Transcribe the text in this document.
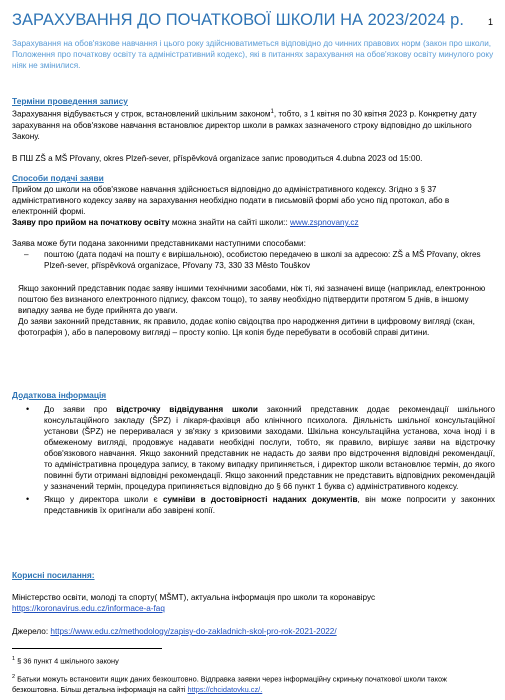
ЗАРАХУВАННЯ ДО ПОЧАТКОВОЇ ШКОЛИ НА 2023/2024 р.	1
Зарахування на обов'язкове навчання і цього року здійснюватиметься відповідно до чинних правових норм (закон про школи, Положення про початкову освіту та адміністративний кодекс), які в питаннях зарахування на обов'язкову освіту минулого року ніяк не змінилися.
Терміни проведення запису
Зарахування відбувається у строк, встановлений шкільним законом$^1$, тобто, з 1 квітня по 30 квітня 2023 р. Конкретну дату зарахування на обов'язкове навчання встановлює директор школи в рамках зазначеного строку відповідно до шкільного Закону.
В ПШ ZŠ a MŠ Přovany, okres Plzeň-sever, příspěvková organizace запис проводиться 4.dubna 2023 od 15:00.
Способи подачі заяви
Прийом до школи на обов'язкове навчання здійснюється відповідно до адміністративного кодексу. Згідно з § 37 адміністративного кодексу заяву на зарахування необхідно подати в письмовій формі або усно під протокол, або в електронній формі.
Заяву про прийом на початкову освіту можна знайти на сайті школи:: www.zspnovany.cz
Заява може бути подана законними представниками наступними способами:
– поштою (дата подачі на пошту є вирішальною), особистою передачею в школі за адресою: ZŠ a MŠ Přovany, okres Plzeň-sever, příspěvková organizace, Přovany 73, 330 33 Město Touškov
Якщо законний представник подає заяву іншими технічними засобами, ніж ті, які зазначені вище (наприклад, електронною поштою без визнаного електронного підпису, факсом тощо), то заяву необхідно підтвердити протягом 5 днів, в іншому випадку заява не буде прийнята до уваги.
До заяви законний представник, як правило, додає копію свідоцтва про народження дитини в цифровому вигляді (скан, фотографія ), або в паперовому вигляді – просту копію. Ця копія буде перебувати в особовій справі дитини.
Додаткова інформація
• До заяви про відстрочку відвідування школи законний представник додає рекомендації шкільного консультаційного закладу (ŠPZ) і лікаря-фахівця або клінічного психолога. Діяльність шкільної консультаційної установи (ŠPZ) не переривалася у зв'язку з кризовими заходами. Шкільна консультаційна установа, хоча іноді і в обмеженому вигляді, продовжує надавати необхідні послуги, тобто, як правило, вирішує заяви на відстрочку обов'язкового навчання. Якщо законний представник не надасть до заяви про відстрочення відповідні рекомендації, то адміністративна процедура запису, в такому випадку припиняється, і директор школи встановлює термін, до якого повинні бути отримані відповідні рекомендації. Якщо законний представник не представить відповідних рекомендацій у зазначений термін, процедура припиняється відповідно до § 66 пункт 1 буква с) адміністративного кодексу.
• Якщо у директора школи є сумніви в достовірності наданих документів, він може попросити у законних представників їх оригінали або завірені копії.
Корисні посилання:
Міністерство освіти, молоді та спорту( MŠMT), актуальна інформація про школи та коронавірус
https://koronavirus.edu.cz/informace-a-faq
Джерело: https://www.edu.cz/methodology/zapisy-do-zakladnich-skol-pro-rok-2021-2022/
$^1$ § 36 пункт 4 шкільного закону
$^2$ Батьки можуть встановити ящик даних безкоштовно. Відправка заявки через інформаційну скриньку початкової школи також безкоштовна. Більш детальна інформація на сайті https://chcidatovku.cz/.
